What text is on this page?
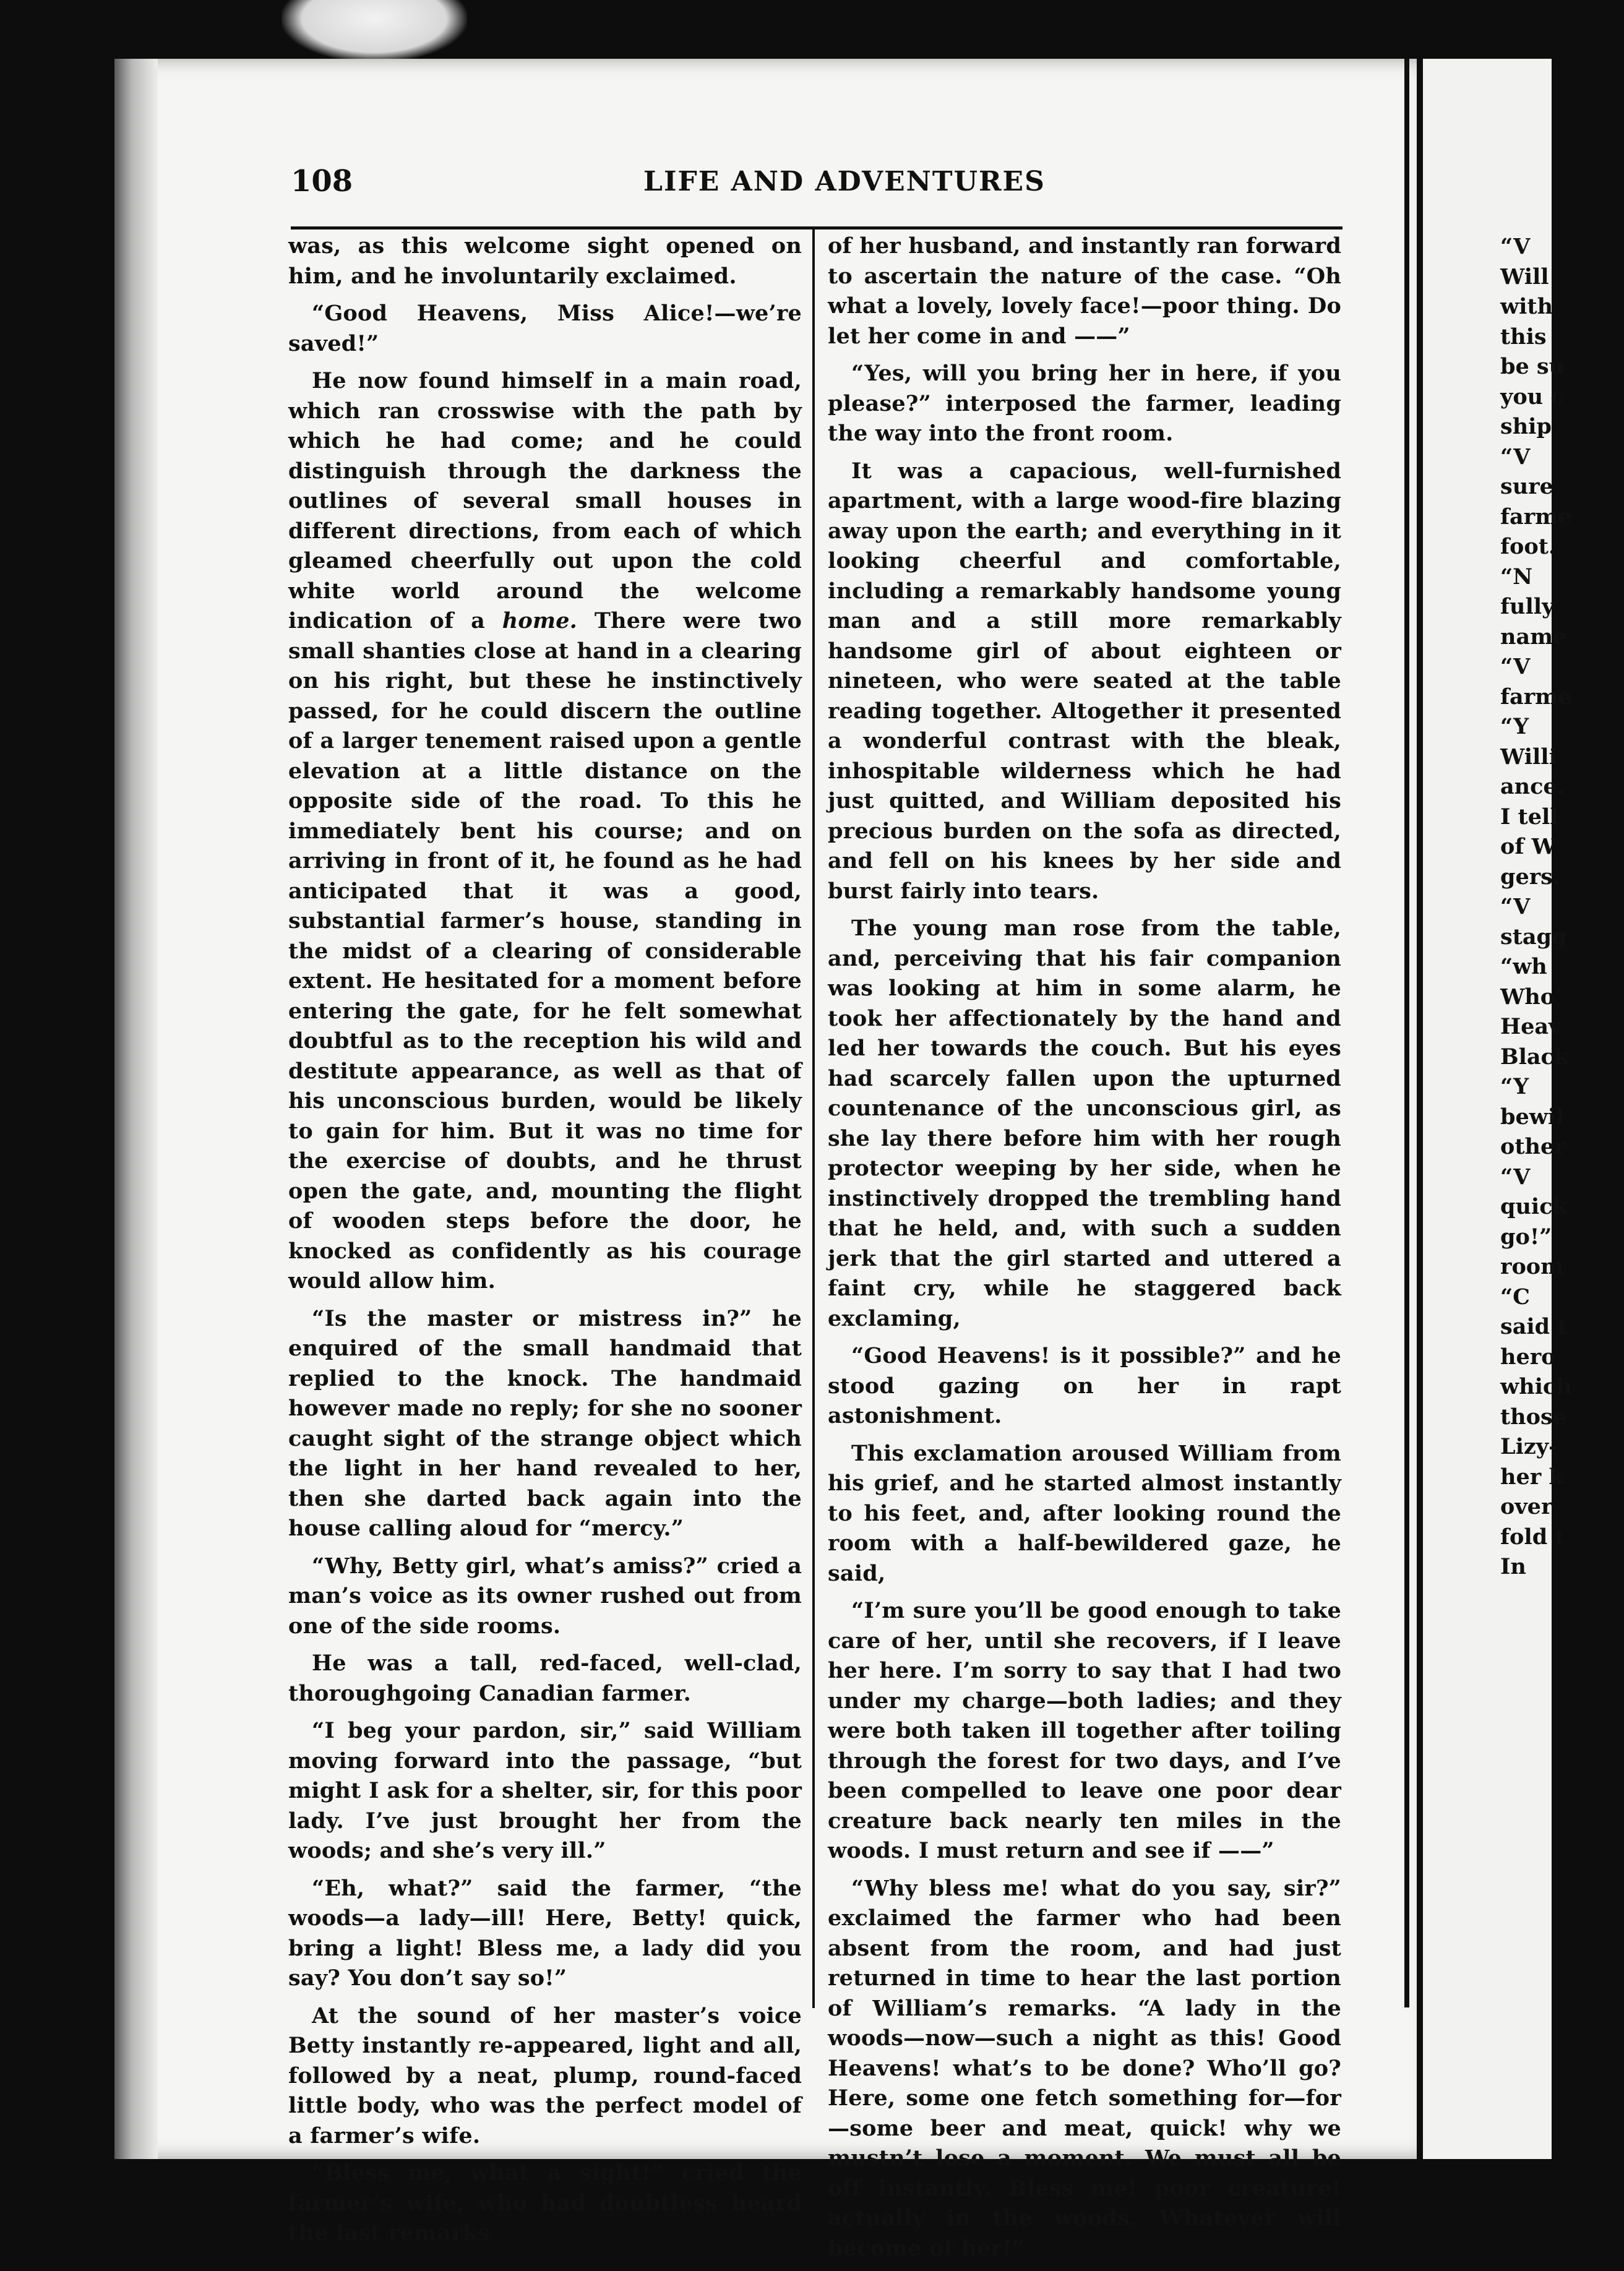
108	LIFE AND ADVENTURES

was, as this welcome sight opened on him, and he involuntarily exclaimed.

“Good Heavens, Miss Alice!—we’re saved!”

He now found himself in a main road, which ran crosswise with the path by which he had come; and he could distinguish through the darkness the outlines of several small houses in different directions, from each of which gleamed cheerfully out upon the cold white world around the welcome indication of a home. There were two small shanties close at hand in a clearing on his right, but these he instinctively passed, for he could discern the outline of a larger tenement raised upon a gentle elevation at a little distance on the opposite side of the road. To this he immediately bent his course; and on arriving in front of it, he found as he had anticipated that it was a good, substantial farmer’s house, standing in the midst of a clearing of considerable extent. He hesitated for a moment before entering the gate, for he felt somewhat doubtful as to the reception his wild and destitute appearance, as well as that of his unconscious burden, would be likely to gain for him. But it was no time for the exercise of doubts, and he thrust open the gate, and, mounting the flight of wooden steps before the door, he knocked as confidently as his courage would allow him.

“Is the master or mistress in?” he enquired of the small handmaid that replied to the knock. The handmaid however made no reply; for she no sooner caught sight of the strange object which the light in her hand revealed to her, then she darted back again into the house calling aloud for “mercy.”

“Why, Betty girl, what’s amiss?” cried a man’s voice as its owner rushed out from one of the side rooms.

He was a tall, red-faced, well-clad, thoroughgoing Canadian farmer.

“I beg your pardon, sir,” said William moving forward into the passage, “but might I ask for a shelter, sir, for this poor lady. I’ve just brought her from the woods; and she’s very ill.”

“Eh, what?” said the farmer, “the woods—a lady—ill! Here, Betty! quick, bring a light! Bless me, a lady did you say? You don’t say so!”

At the sound of her master’s voice Betty instantly re-appeared, light and all, followed by a neat, plump, round-faced little body, who was the perfect model of a farmer’s wife.

“Bless me, what a sight!” cried the farmer’s wife, who had doubtless heard the last remarks

of her husband, and instantly ran forward to ascertain the nature of the case. “Oh what a lovely, lovely face!—poor thing. Do let her come in and ——”

“Yes, will you bring her in here, if you please?” interposed the farmer, leading the way into the front room.

It was a capacious, well-furnished apartment, with a large wood-fire blazing away upon the earth; and everything in it looking cheerful and comfortable, including a remarkably handsome young man and a still more remarkably handsome girl of about eighteen or nineteen, who were seated at the table reading together. Altogether it presented a wonderful contrast with the bleak, inhospitable wilderness which he had just quitted, and William deposited his precious burden on the sofa as directed, and fell on his knees by her side and burst fairly into tears.

The young man rose from the table, and, perceiving that his fair companion was looking at him in some alarm, he took her affectionately by the hand and led her towards the couch. But his eyes had scarcely fallen upon the upturned countenance of the unconscious girl, as she lay there before him with her rough protector weeping by her side, when he instinctively dropped the trembling hand that he held, and, with such a sudden jerk that the girl started and uttered a faint cry, while he staggered back exclaming,

“Good Heavens! is it possible?” and he stood gazing on her in rapt astonishment.

This exclamation aroused William from his grief, and he started almost instantly to his feet, and, after looking round the room with a half-bewildered gaze, he said,

“I’m sure you’ll be good enough to take care of her, until she recovers, if I leave her here. I’m sorry to say that I had two under my charge—both ladies; and they were both taken ill together after toiling through the forest for two days, and I’ve been compelled to leave one poor dear creature back nearly ten miles in the woods. I must return and see if ——”

“Why bless me! what do you say, sir?” exclaimed the farmer who had been absent from the room, and had just returned in time to hear the last portion of William’s remarks. “A lady in the woods—now—such a night as this! Good Heavens! what’s to be done? Who’ll go? Here, some one fetch something for—for—some beer and meat, quick! why we mustn’t lose a moment. We must all be off instantly. Bless me! poor creature! actually in the woods. Whatever will become of her!”

“V
Will
with
this
be su
you c
ship
“V
sure
farme
foot.
“N
fully
name
“V
farme
“Y
Willi
ance.
I tell
of W
gers.
“V
stagg
“wh
Who’
Heav
Black
“Y
bewil
other
“V
quick
go!”
room
“C
said t
hero
which
those
Lizy-
her k
over
fold t
In
